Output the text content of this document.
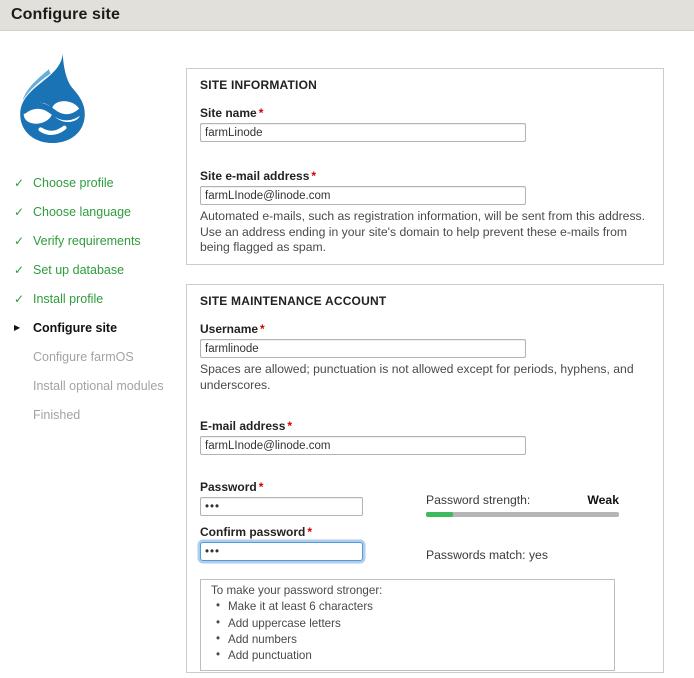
Configure site
✓ Choose profile
✓ Choose language
✓ Verify requirements
✓ Set up database
✓ Install profile
▶	Configure site
Configure farmOS
Install optional modules
Finished
SITE INFORMATION
Site name *
farmLinode
Site e-mail address *
farmLInode@linode.com
Automated e-mails, such as registration information, will be sent from this address. Use an address ending in your site's domain to help prevent these e-mails from being flagged as spam.
SITE MAINTENANCE ACCOUNT
Username *
farmlinode
Spaces are allowed; punctuation is not allowed except for periods, hyphens, and underscores.
E-mail address *
farmLInode@linode.com
Password *
•••
Confirm password *
•••
Password strength:	Weak
Passwords match: yes
To make your password stronger:
• Make it at least 6 characters
• Add uppercase letters
• Add numbers
• Add punctuation
